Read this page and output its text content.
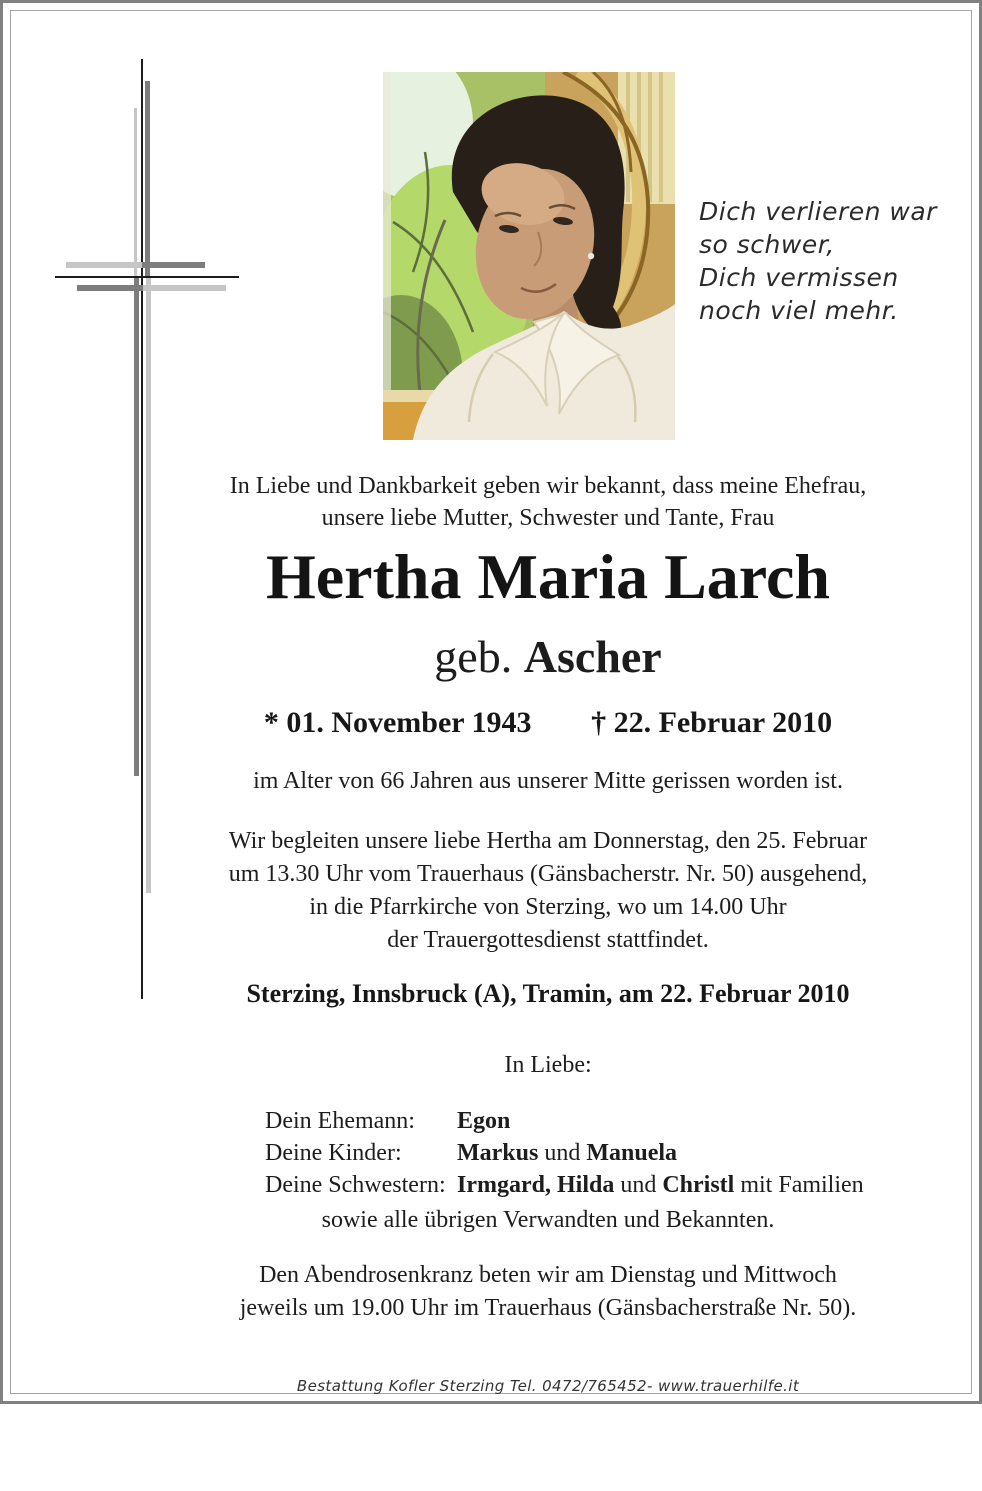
Dich verlieren war
so schwer,
Dich vermissen
noch viel mehr.
In Liebe und Dankbarkeit geben wir bekannt, dass meine Ehefrau,
unsere liebe Mutter, Schwester und Tante, Frau
Hertha Maria Larch
geb. Ascher
* 01. November 1943 † 22. Februar 2010
im Alter von 66 Jahren aus unserer Mitte gerissen worden ist.
Wir begleiten unsere liebe Hertha am Donnerstag, den 25. Februar
um 13.30 Uhr vom Trauerhaus (Gänsbacherstr. Nr. 50) ausgehend,
in die Pfarrkirche von Sterzing, wo um 14.00 Uhr
der Trauergottesdienst stattfindet.
Sterzing, Innsbruck (A), Tramin, am 22. Februar 2010
In Liebe:
Dein Ehemann: Egon
Deine Kinder: Markus und Manuela
Deine Schwestern: Irmgard, Hilda und Christl mit Familien
sowie alle übrigen Verwandten und Bekannten.
Den Abendrosenkranz beten wir am Dienstag und Mittwoch
jeweils um 19.00 Uhr im Trauerhaus (Gänsbacherstraße Nr. 50).
Bestattung Kofler Sterzing Tel. 0472/765452- www.trauerhilfe.it
